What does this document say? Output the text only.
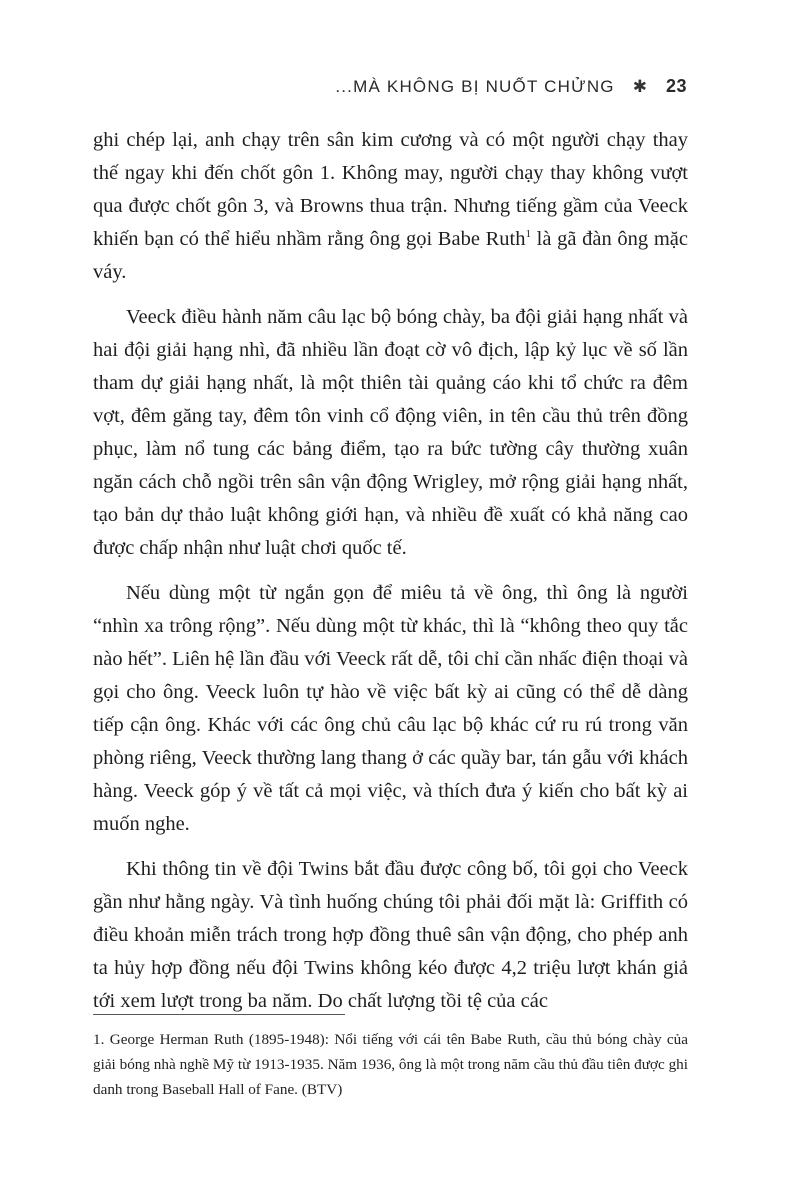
...MÀ KHÔNG BỊ NUỐT CHỬNG ✱ 23

ghi chép lại, anh chạy trên sân kim cương và có một người chạy thay thế ngay khi đến chốt gôn 1. Không may, người chạy thay không vượt qua được chốt gôn 3, và Browns thua trận. Nhưng tiếng gầm của Veeck khiến bạn có thể hiểu nhầm rằng ông gọi Babe Ruth$^1$ là gã đàn ông mặc váy.

Veeck điều hành năm câu lạc bộ bóng chày, ba đội giải hạng nhất và hai đội giải hạng nhì, đã nhiều lần đoạt cờ vô địch, lập kỷ lục về số lần tham dự giải hạng nhất, là một thiên tài quảng cáo khi tổ chức ra đêm vợt, đêm găng tay, đêm tôn vinh cổ động viên, in tên cầu thủ trên đồng phục, làm nổ tung các bảng điểm, tạo ra bức tường cây thường xuân ngăn cách chỗ ngồi trên sân vận động Wrigley, mở rộng giải hạng nhất, tạo bản dự thảo luật không giới hạn, và nhiều đề xuất có khả năng cao được chấp nhận như luật chơi quốc tế.

Nếu dùng một từ ngắn gọn để miêu tả về ông, thì ông là người “nhìn xa trông rộng”. Nếu dùng một từ khác, thì là “không theo quy tắc nào hết”. Liên hệ lần đầu với Veeck rất dễ, tôi chỉ cần nhấc điện thoại và gọi cho ông. Veeck luôn tự hào về việc bất kỳ ai cũng có thể dễ dàng tiếp cận ông. Khác với các ông chủ câu lạc bộ khác cứ ru rú trong văn phòng riêng, Veeck thường lang thang ở các quầy bar, tán gẫu với khách hàng. Veeck góp ý về tất cả mọi việc, và thích đưa ý kiến cho bất kỳ ai muốn nghe.

Khi thông tin về đội Twins bắt đầu được công bố, tôi gọi cho Veeck gần như hằng ngày. Và tình huống chúng tôi phải đối mặt là: Griffith có điều khoản miễn trách trong hợp đồng thuê sân vận động, cho phép anh ta hủy hợp đồng nếu đội Twins không kéo được 4,2 triệu lượt khán giả tới xem lượt trong ba năm. Do chất lượng tồi tệ của các

1. George Herman Ruth (1895-1948): Nổi tiếng với cái tên Babe Ruth, cầu thủ bóng chày của giải bóng nhà nghề Mỹ từ 1913-1935. Năm 1936, ông là một trong năm cầu thủ đầu tiên được ghi danh trong Baseball Hall of Fane. (BTV)
